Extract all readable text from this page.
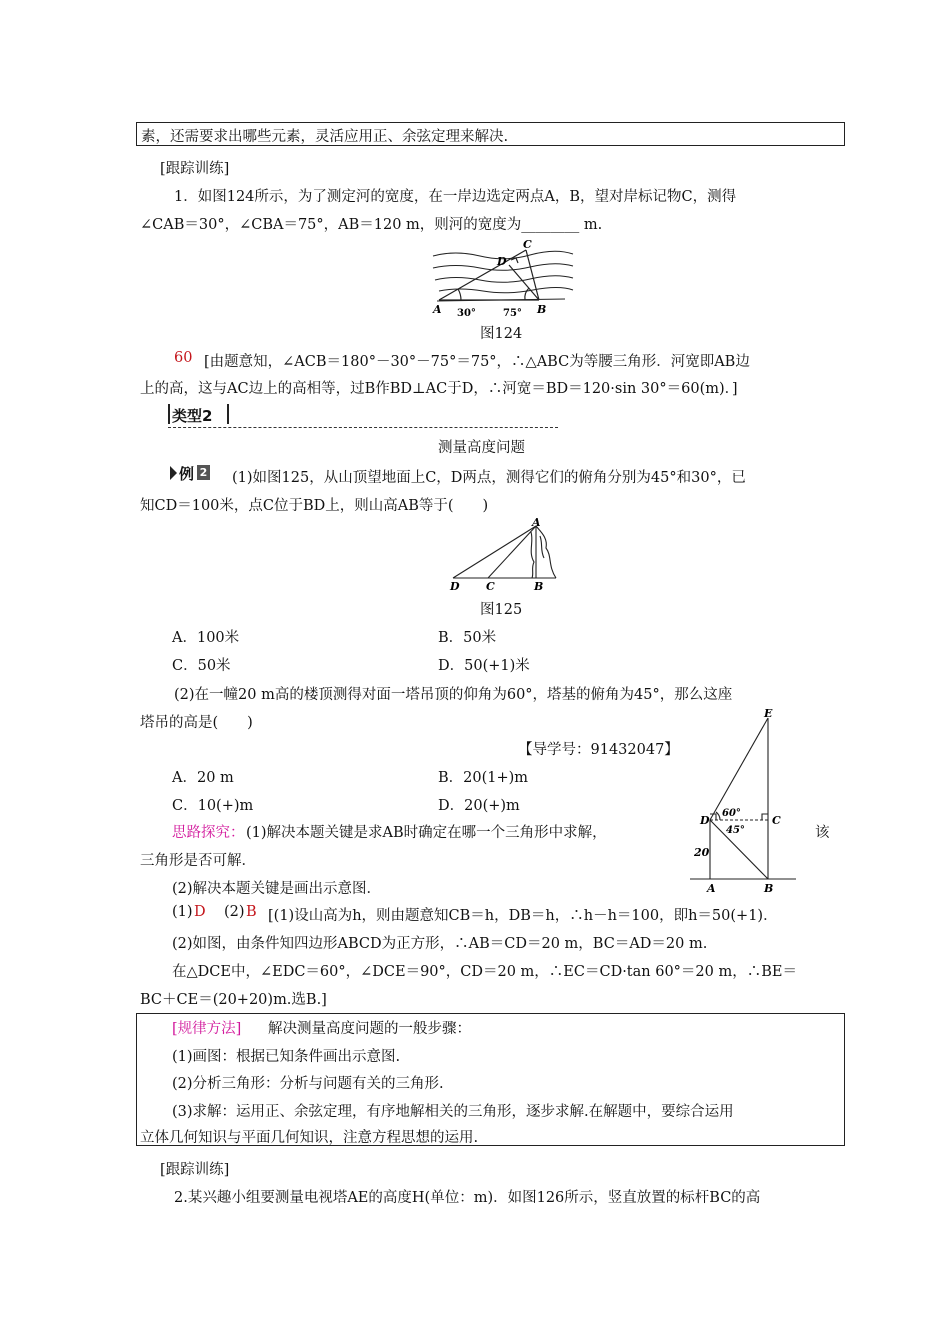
素，还需要求出哪些元素，灵活应用正、余弦定理来解决.
[跟踪训练]
1．如图124所示，为了测定河的宽度，在一岸边选定两点A，B，望对岸标记物C，测得
∠CAB＝30°，∠CBA＝75°，AB＝120 m，则河的宽度为________ m.
C
D
A	B
30°	75°
图124
60 [由题意知，∠ACB＝180°－30°－75°＝75°，∴△ABC为等腰三角形．河宽即AB边
上的高，这与AC边上的高相等，过B作BD⊥AC于D，∴河宽＝BD＝120·sin 30°＝60(m)．]
类型2
测量高度问题
例 2 (1)如图125，从山顶望地面上C，D两点，测得它们的俯角分别为45°和30°，已
知CD＝100米，点C位于BD上，则山高AB等于(　　)
A
D C	B
图125
A．100米	B．50米
C．50米	D．50(+1)米
(2)在一幢20 m高的楼顶测得对面一塔吊顶的仰角为60°，塔基的俯角为45°，那么这座
塔吊的高是(　　)
【导学号：91432047】
A．20 m	B．20(1+)m
C．10(+)m	D．20(+)m
E
D	C
A	B
20
60°
45°
思路探究： (1)解决本题关键是求AB时确定在哪一个三角形中求解，	该
三角形是否可解．
(2)解决本题关键是画出示意图．
(1) D (2) B [(1)设山高为h，则由题意知CB＝h，DB＝h，∴h－h＝100，即h＝50(+1)．
(2)如图，由条件知四边形ABCD为正方形，∴AB＝CD＝20 m，BC＝AD＝20 m.
在△DCE中，∠EDC＝60°，∠DCE＝90°，CD＝20 m，∴EC＝CD·tan 60°＝20 m，∴BE＝
BC＋CE＝(20+20)m.选B.]
[规律方法] 解决测量高度问题的一般步骤：
(1)画图：根据已知条件画出示意图.
(2)分析三角形：分析与问题有关的三角形.
(3)求解：运用正、余弦定理，有序地解相关的三角形，逐步求解.在解题中，要综合运用
立体几何知识与平面几何知识，注意方程思想的运用.
[跟踪训练]
2.某兴趣小组要测量电视塔AE的高度H(单位：m)．如图126所示，竖直放置的标杆BC的高
